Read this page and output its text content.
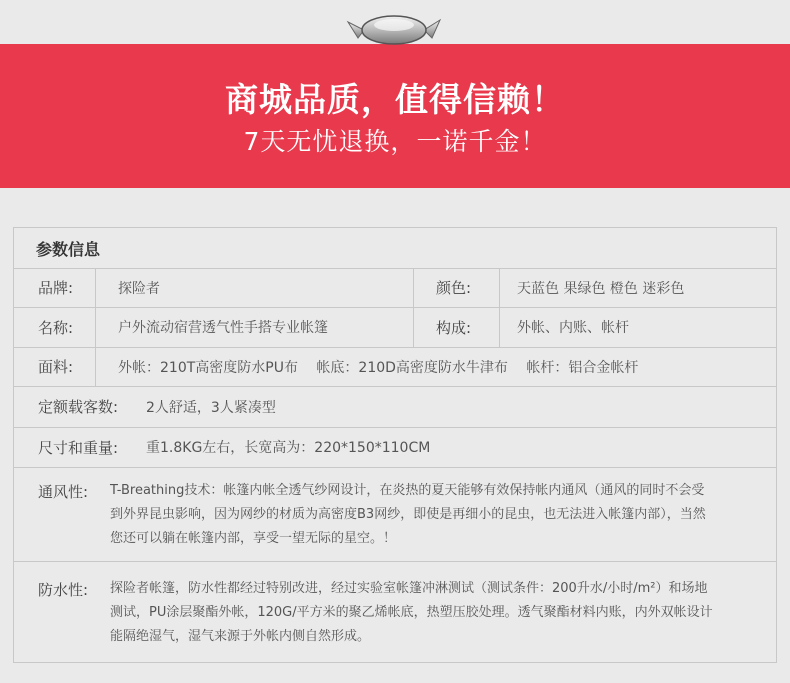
商城品质，值得信赖！
7天无忧退换，一诺千金！
参数信息
品牌:	探险者	颜色:	天蓝色 果绿色 橙色 迷彩色
名称:	户外流动宿营透气性手搭专业帐篷	构成:	外帐、内账、帐杆
面料:	外帐：210T高密度防水PU布　 帐底：210D高密度防水牛津布　 帐杆：铝合金帐杆
定额载客数: 2人舒适，3人紧凑型
尺寸和重量: 重1.8KG左右，长宽高为：220*150*110CM
通风性: T-Breathing技术：帐篷内帐全透气纱网设计，在炎热的夏天能够有效保持帐内通风（通风的同时不会受
到外界昆虫影响，因为网纱的材质为高密度B3网纱，即使是再细小的昆虫，也无法进入帐篷内部），当然
您还可以躺在帐篷内部，享受一望无际的星空。！
防水性: 探险者帐篷，防水性都经过特别改进，经过实验室帐篷冲淋测试（测试条件：200升水/小时/m²）和场地
测试，PU涂层聚酯外帐，120G/平方米的聚乙烯帐底，热塑压胶处理。透气聚酯材料内账，内外双帐设计
能隔绝湿气，湿气来源于外帐内侧自然形成。
